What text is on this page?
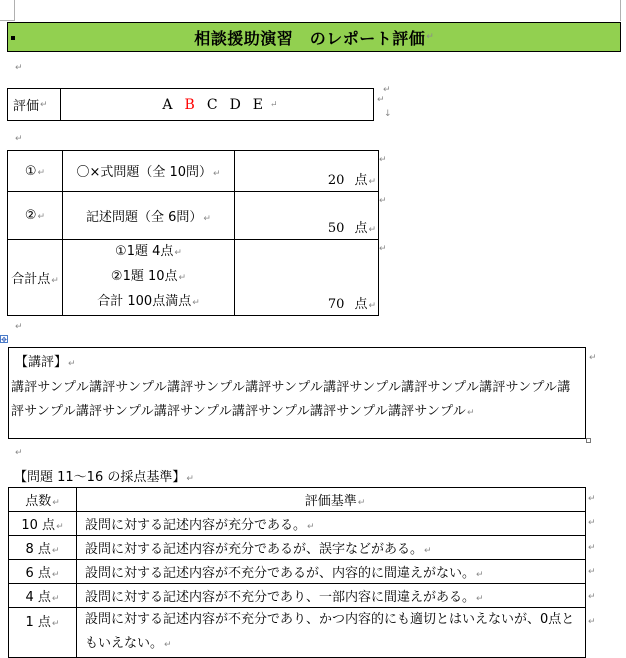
相談援助演習　のレポート評価 ↵
↵
評価 ↵	A B C D E ↵
↵
↵
↓
↵
①↵	〇×式問題（全 10問）↵	20 点↵
②↵	記述問題（全 6問）↵	50 点↵
合計点↵	①1題 4点↵
②1題 10点↵
合計 100点満点↵	70 点↵
↵
↵
↵
↵
✥
【講評】↵
講評サンプル講評サンプル講評サンプル講評サンプル講評サンプル講評サンプル講評サンプル講評サンプル講評サンプル講評サンプル講評サンプル講評サンプル講評サンプル↵
↵
↵
【問題 11〜16 の採点基準】↵
点数↵	評価基準↵
10 点↵	設問に対する記述内容が充分である。↵
8 点↵	設問に対する記述内容が充分であるが、誤字などがある。↵
6 点↵	設問に対する記述内容が不充分であるが、内容的に間違えがない。↵
4 点↵	設問に対する記述内容が不充分であり、一部内容に間違えがある。↵
1 点↵	設問に対する記述内容が不充分であり、かつ内容的にも適切とはいえないが、0点ともいえない。↵
↵
↵
↵
↵
↵
↵
